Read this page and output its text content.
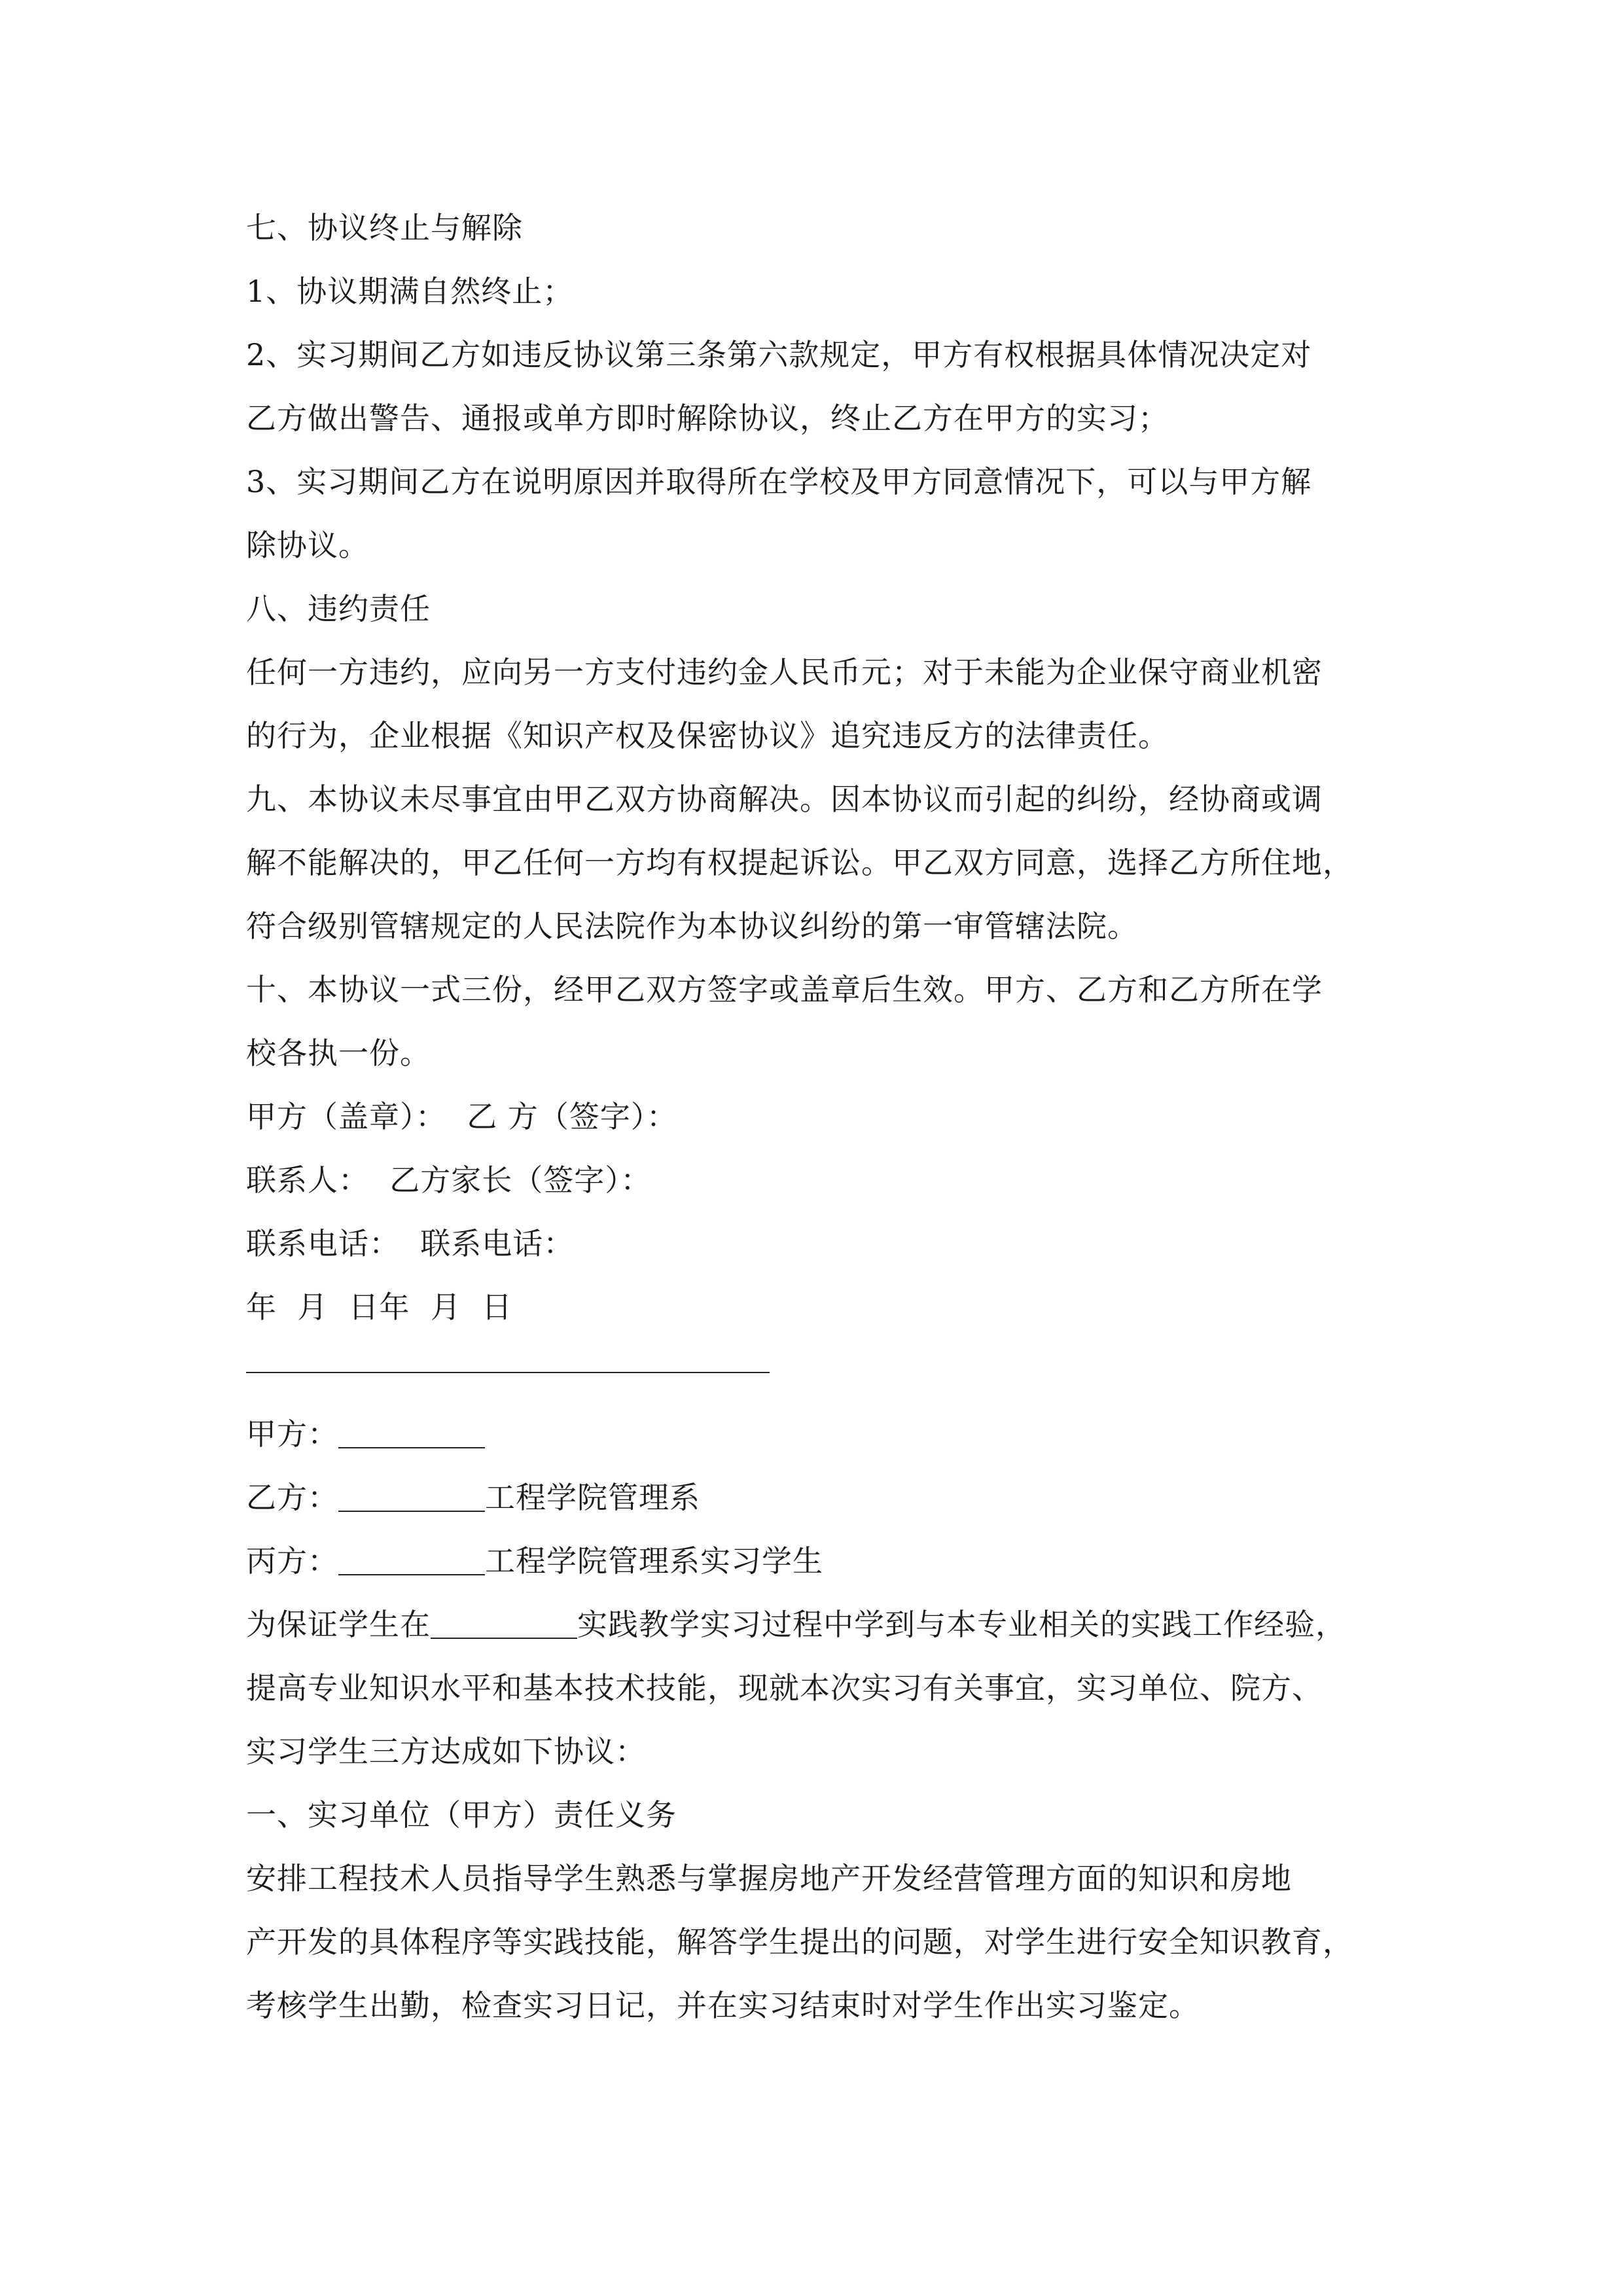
七、协议终止与解除
1、协议期满自然终止；
2、实习期间乙方如违反协议第三条第六款规定，甲方有权根据具体情况决定对
乙方做出警告、通报或单方即时解除协议，终止乙方在甲方的实习；
3、实习期间乙方在说明原因并取得所在学校及甲方同意情况下，可以与甲方解
除协议。
八、违约责任
任何一方违约，应向另一方支付违约金人民币元；对于未能为企业保守商业机密
的行为，企业根据《知识产权及保密协议》追究违反方的法律责任。
九、本协议未尽事宜由甲乙双方协商解决。因本协议而引起的纠纷，经协商或调
解不能解决的，甲乙任何一方均有权提起诉讼。甲乙双方同意，选择乙方所住地，
符合级别管辖规定的人民法院作为本协议纠纷的第一审管辖法院。
十、本协议一式三份，经甲乙双方签字或盖章后生效。甲方、乙方和乙方所在学
校各执一份。
甲方（盖章）：  乙 方（签字）：
联系人：  乙方家长（签字）：
联系电话：  联系电话：
年  月  日年  月  日
甲方：
乙方：	工程学院管理系
丙方：	工程学院管理系实习学生
为保证学生在	实践教学实习过程中学到与本专业相关的实践工作经验，
提高专业知识水平和基本技术技能，现就本次实习有关事宜，实习单位、院方、
实习学生三方达成如下协议：
一、实习单位（甲方）责任义务
安排工程技术人员指导学生熟悉与掌握房地产开发经营管理方面的知识和房地
产开发的具体程序等实践技能，解答学生提出的问题，对学生进行安全知识教育，
考核学生出勤，检查实习日记，并在实习结束时对学生作出实习鉴定。
